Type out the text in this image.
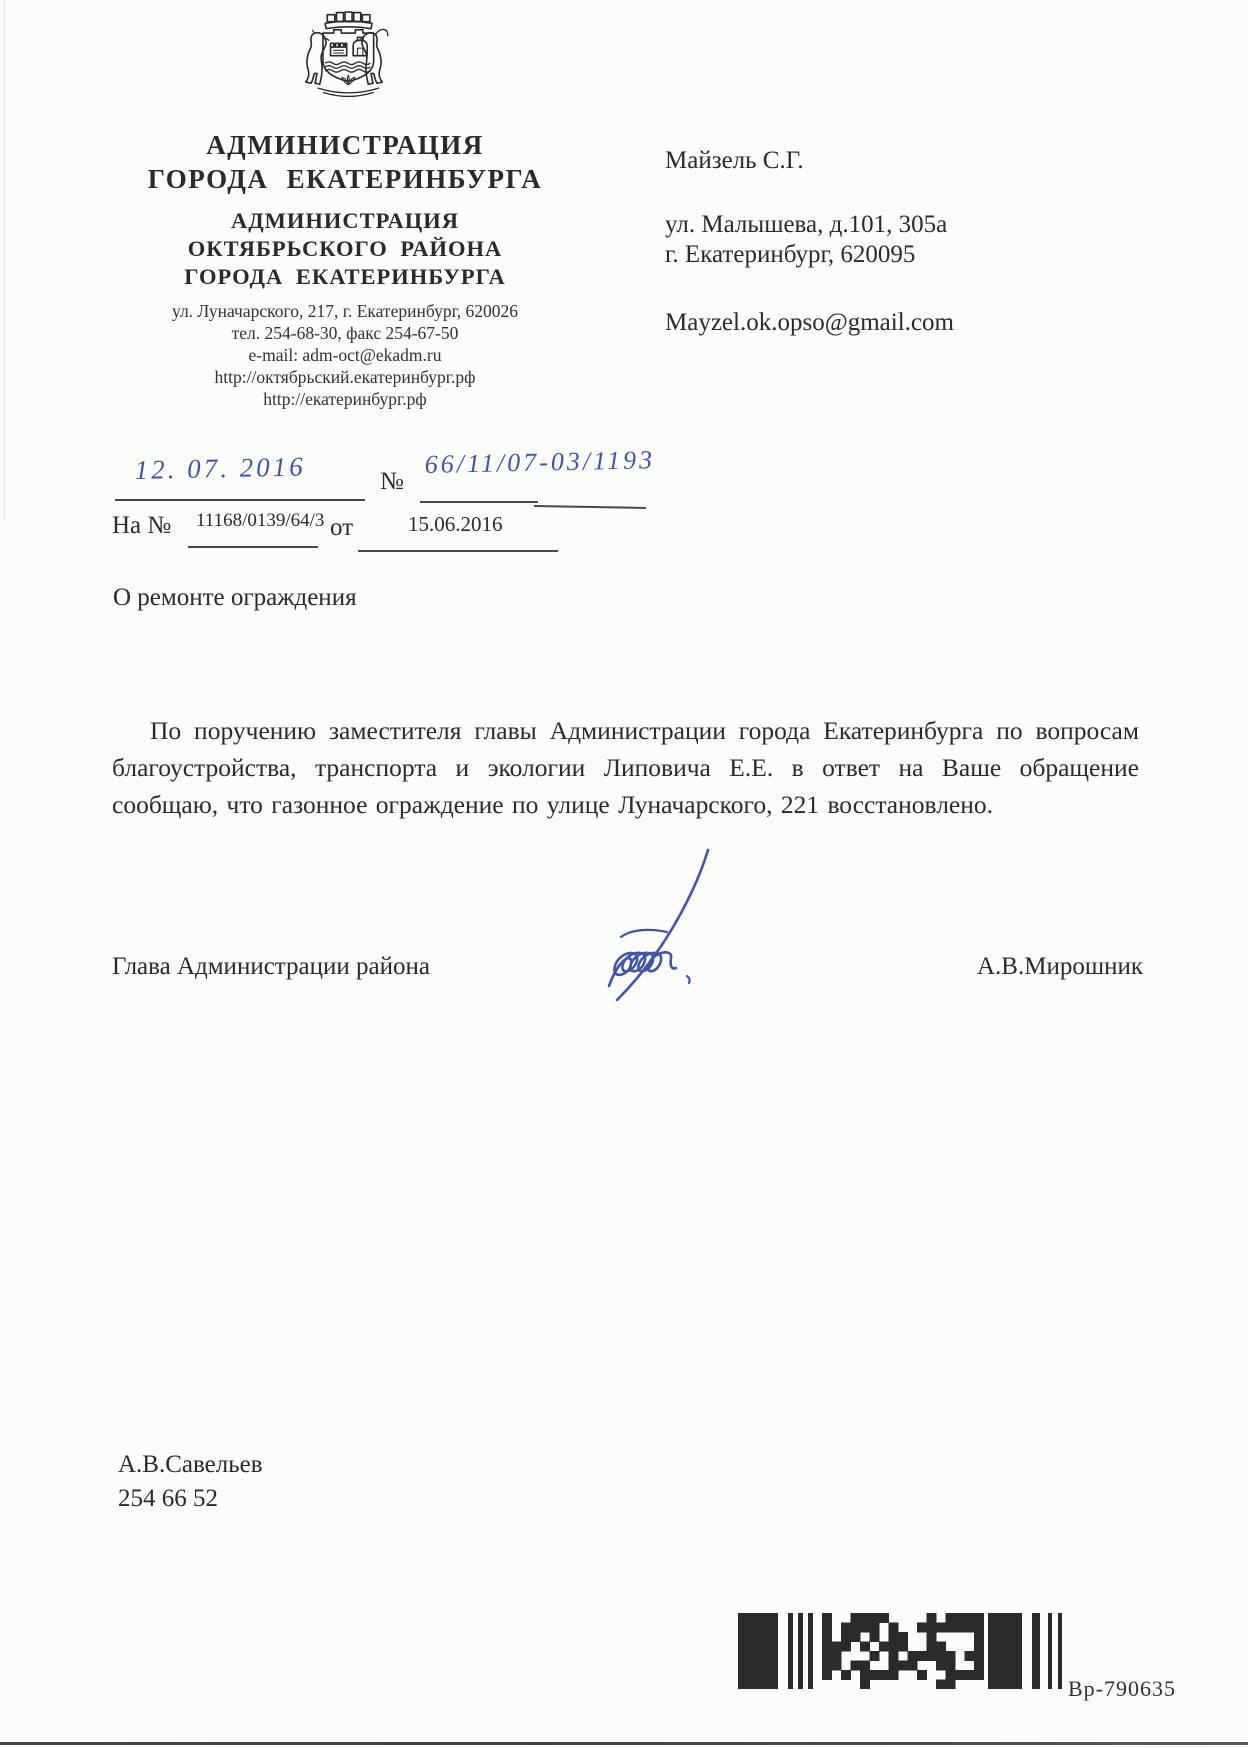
АДМИНИСТРАЦИЯ
ГОРОДА ЕКАТЕРИНБУРГА
АДМИНИСТРАЦИЯ
ОКТЯБРЬСКОГО РАЙОНА
ГОРОДА ЕКАТЕРИНБУРГА
ул. Луначарского, 217, г. Екатеринбург, 620026
тел. 254-68-30, факс 254-67-50
e-mail: adm-oct@ekadm.ru
http://октябрьский.екатеринбург.рф
http://екатеринбург.рф
Майзель С.Г.
ул. Малышева, д.101, 305а
г. Екатеринбург, 620095
Mayzel.ok.opso@gmail.com
12. 07. 2016	№
66/11/07-03/1193
На № 11168/0139/64/3 от	15.06.2016
О ремонте ограждения
По поручению заместителя главы Администрации города Екатеринбурга по вопросам благоустройства, транспорта и экологии Липовича Е.Е. в ответ на Ваше обращение сообщаю, что газонное ограждение по улице Луначарского, 221 восстановлено.
Глава Администрации района	А.В.Мирошник
А.В.Савельев
254 66 52
Вр-790635
